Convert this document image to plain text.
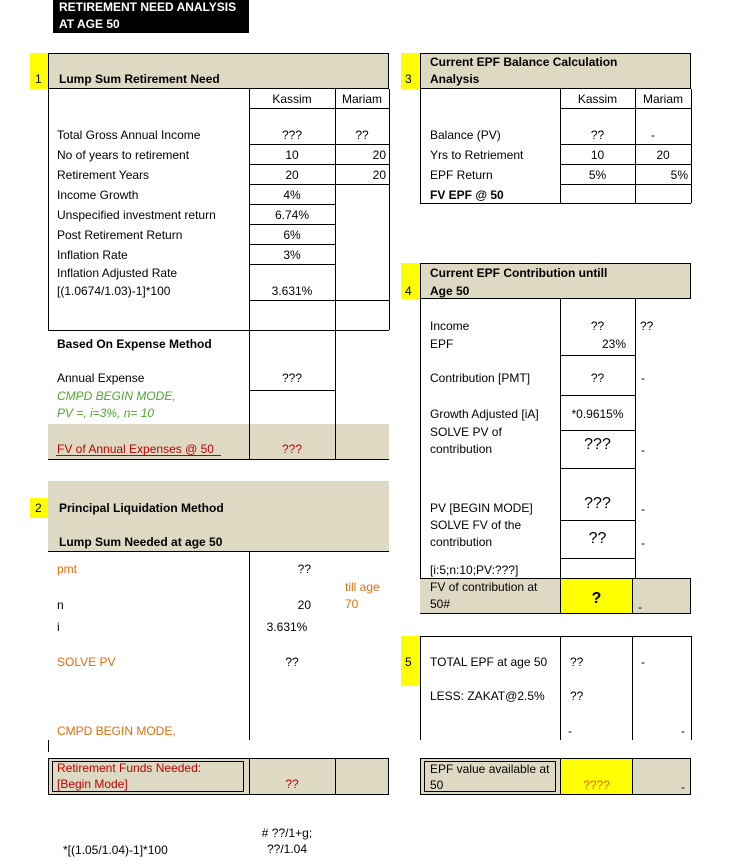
RETIREMENT NEED ANALYSIS
AT AGE 50
1 Lump Sum Retirement Need
Kassim	Mariam
Total Gross Annual Income	???	??
No of years to retirement	10	20
Retirement Years	20	20
Income Growth	4%
Unspecified investment return	6.74%
Post Retirement Return	6%
Inflation Rate	3%
Inflation Adjusted Rate
[(1.0674/1.03)-1]*100	3.631%
Based On Expense Method
Annual Expense	???
CMPD BEGIN MODE,
PV =, i=3%, n= 10
FV of Annual Expenses @ 50	???
2 Principal Liquidation Method
Lump Sum Needed at age 50
pmt	??
till age
70
n	20
i	3.631%
SOLVE PV	??
CMPD BEGIN MODE,
Retirement Funds Needed:
[Begin Mode]	??
*[(1.05/1.04)-1]*100
# ??/1+g;
??/1.04
3
Current EPF Balance Calculation
Analysis
Kassim	Mariam
Balance (PV)	??	-
Yrs to Retriement	10	20
EPF Return	5%	5%
FV EPF @ 50
4
Current EPF Contribution untill
Age 50
Income	??	??
EPF	23%
Contribution [PMT]	??	-
Growth Adjusted [iA]	*0.9615%
SOLVE PV of
contribution	???	-
PV [BEGIN MODE]	???	-
SOLVE FV of the
contribution	??	-
[i:5;n:10;PV:???]
FV of contribution at
50#	?	-
5 TOTAL EPF at age 50 ??	-
LESS: ZAKAT@2.5% ??
-	-
EPF value available at
50	????	-
